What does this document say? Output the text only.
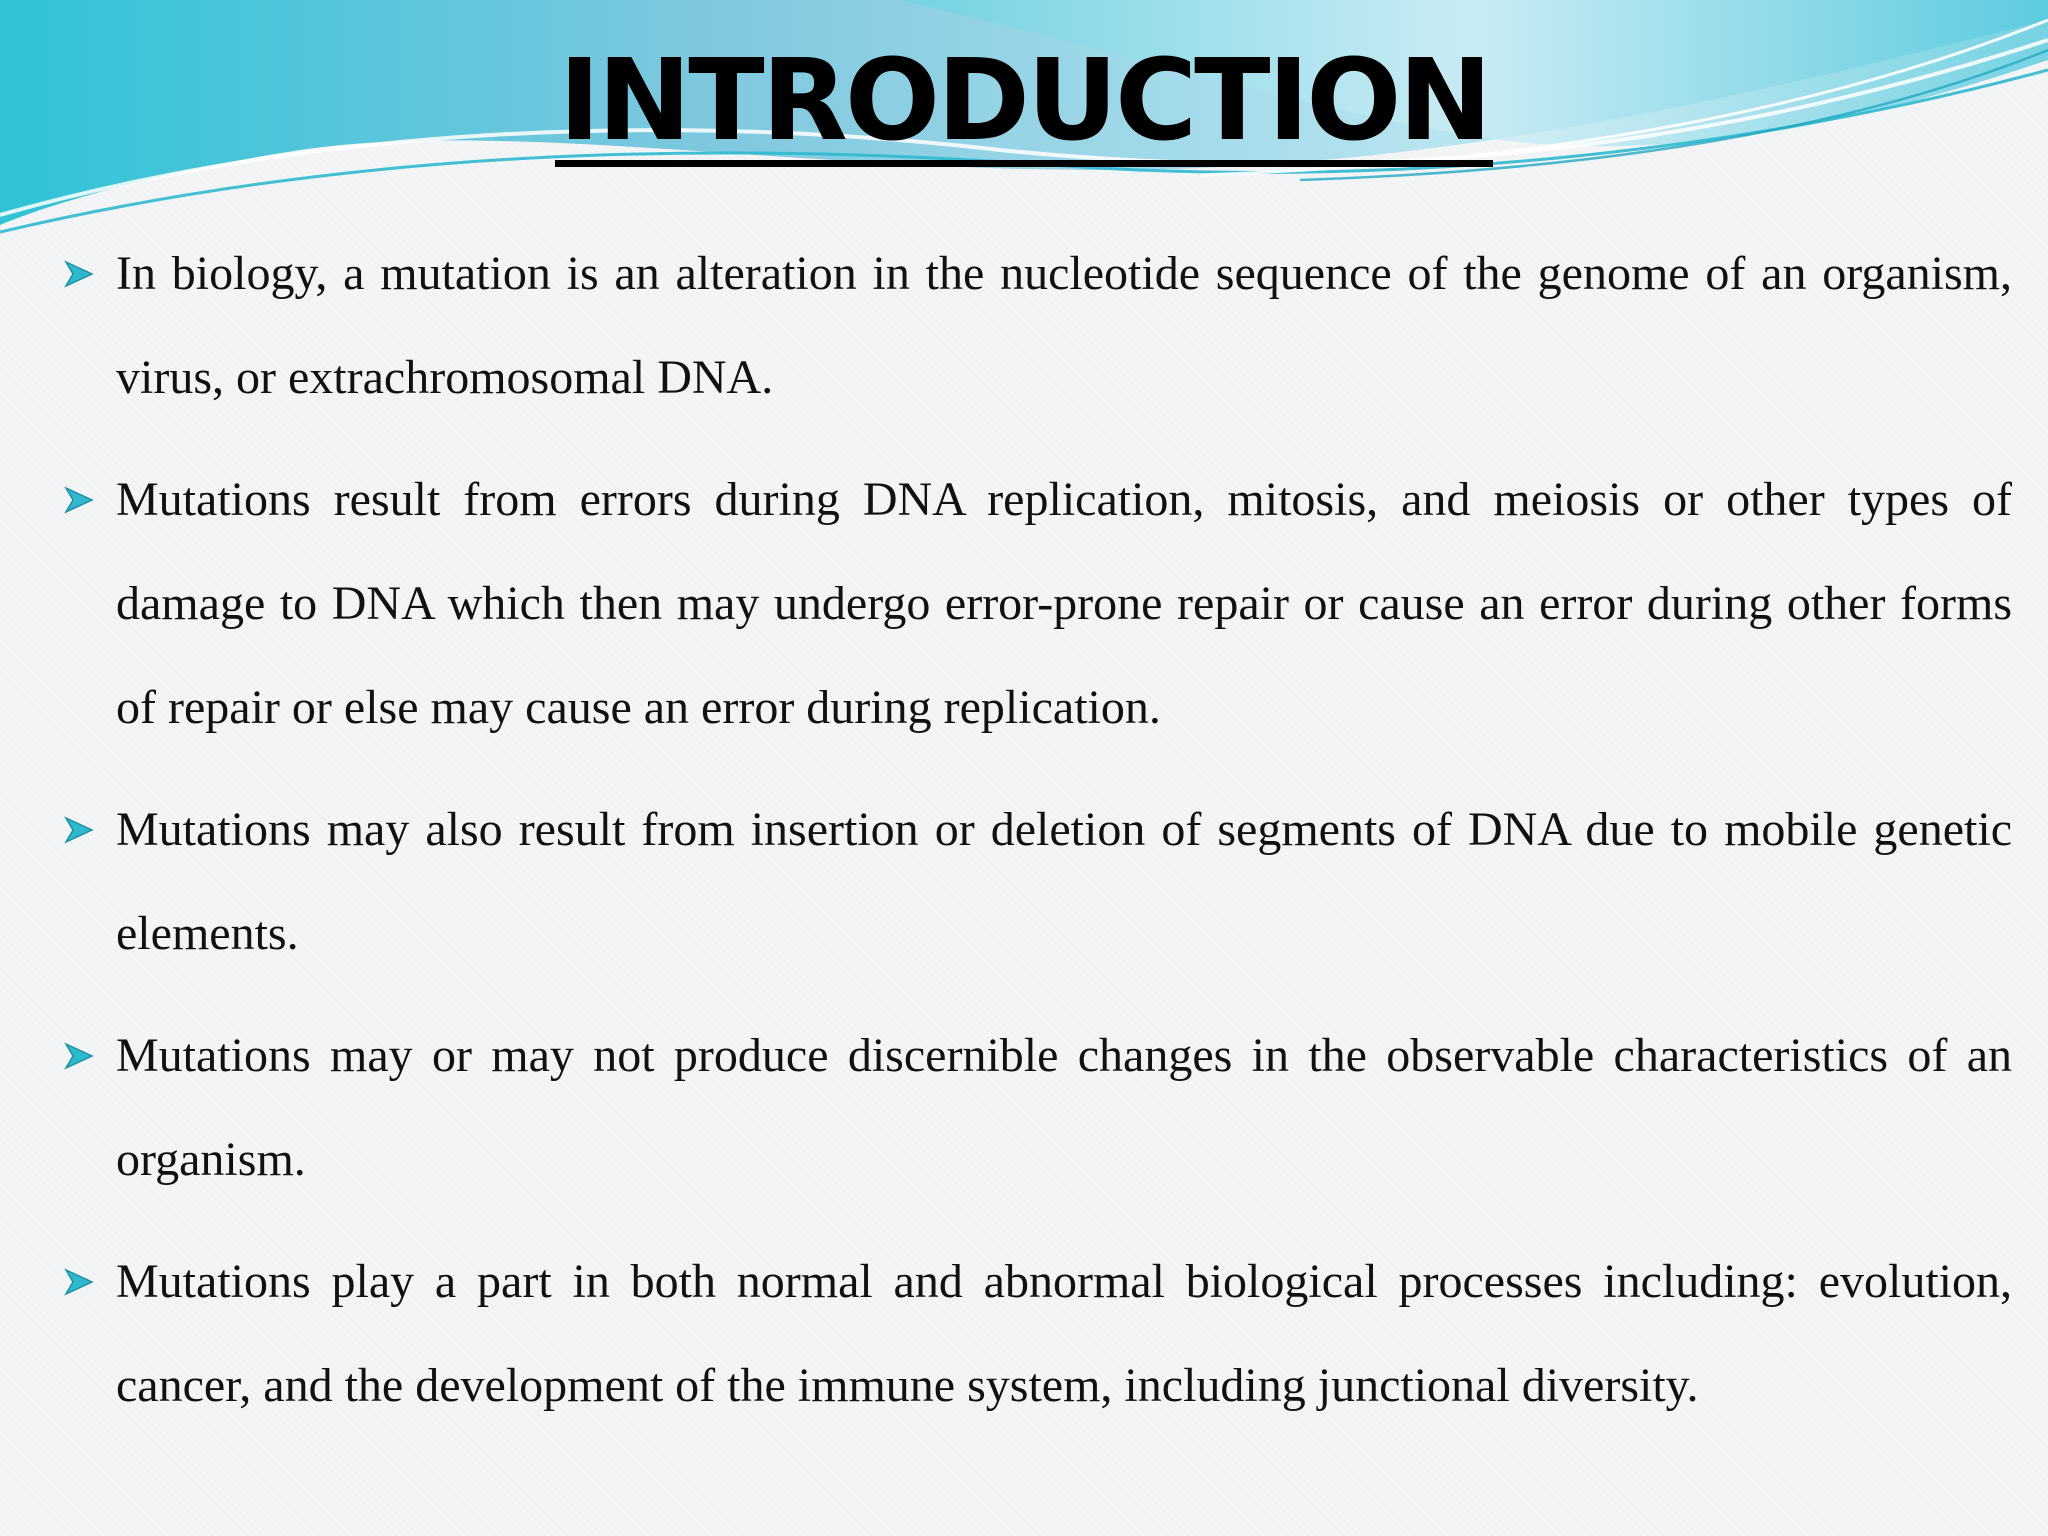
INTRODUCTION
In biology, a mutation is an alteration in the nucleotide sequence of the genome of an organism, virus, or extrachromosomal DNA.
Mutations result from errors during DNA replication, mitosis, and meiosis or other types of damage to DNA which then may undergo error-prone repair or cause an error during other forms of repair or else may cause an error during replication.
Mutations may also result from insertion or deletion of segments of DNA due to mobile genetic elements.
Mutations may or may not produce discernible changes in the observable characteristics of an organism.
Mutations play a part in both normal and abnormal biological processes including: evolution, cancer, and the development of the immune system, including junctional diversity.
